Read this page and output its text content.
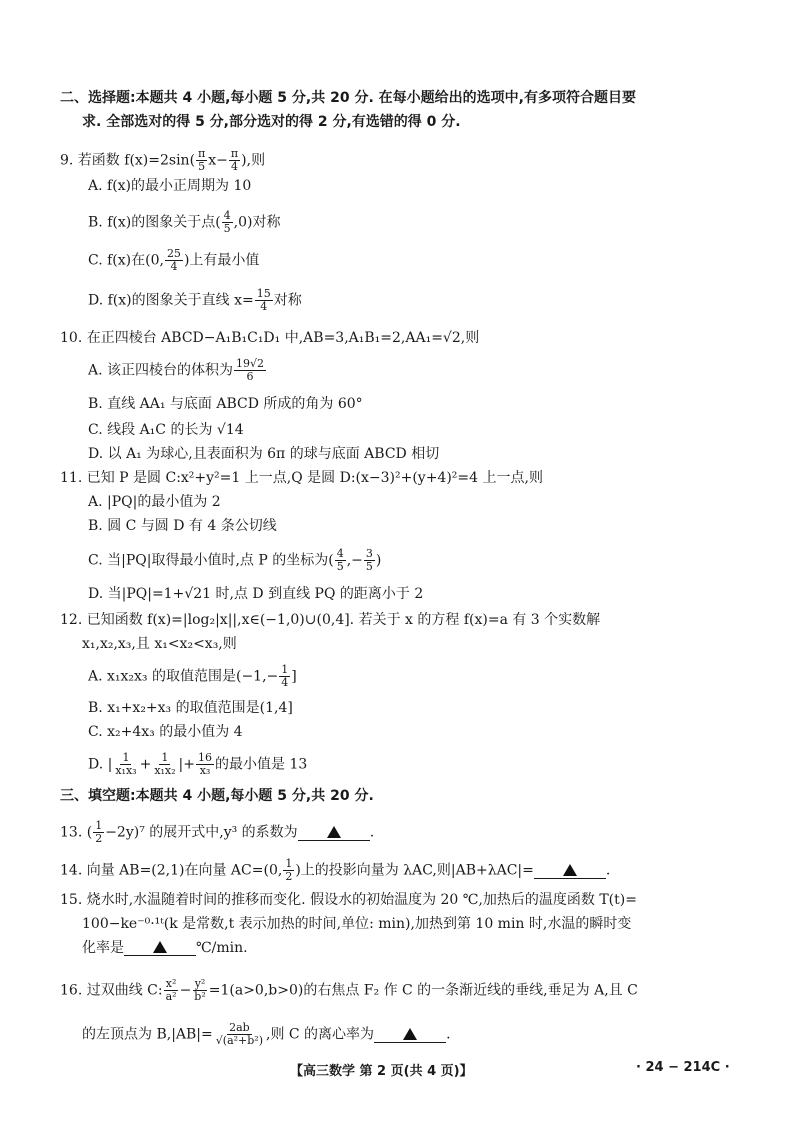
二、选择题:本题共 4 小题,每小题 5 分,共 20 分. 在每小题给出的选项中,有多项符合题目要
求. 全部选对的得 5 分,部分选对的得 2 分,有选错的得 0 分.
9. 若函数 $f(x)=2\sin( \frac{\pi}{5} x- \frac{\pi}{4}$ ),则
A. f(x)的最小正周期为 10
B. f(x)的图象关于点( $\frac{4}{5} ,0$)对称
C. f(x)在(0, $\frac{25}{4}$ )上有最小值
D. f(x)的图象关于直线 $x= \frac{15}{4}$ 对称
10. 在正四棱台 ABCD−A₁B₁C₁D₁ 中,AB=3,A₁B₁=2,AA₁=√2,则
A. 该正四棱台的体积为 $\frac{19√2}{6}$
B. 直线 AA₁ 与底面 ABCD 所成的角为 60°
C. 线段 A₁C 的长为 √14
D. 以 A₁ 为球心,且表面积为 6π 的球与底面 ABCD 相切
11. 已知 P 是圆 C:x²+y²=1 上一点,Q 是圆 D:(x−3)²+(y+4)²=4 上一点,则
A. |PQ|的最小值为 2
B. 圆 C 与圆 D 有 4 条公切线
C. 当|PQ|取得最小值时,点 P 的坐标为( $\frac{4}{5}$ ,− $\frac{3}{5}$ )
D. 当|PQ|=1+√21 时,点 D 到直线 PQ 的距离小于 2
12. 已知函数 f(x)=|log₂|x||,x∈(−1,0)∪(0,4]. 若关于 x 的方程 f(x)=a 有 3 个实数解
x₁,x₂,x₃,且 x₁<x₂<x₃,则
A. x₁x₂x₃ 的取值范围是($-1,- \frac{1}{4}$ ]
B. x₁+x₂+x₃ 的取值范围是(1,4]
C. x₂+4x₃ 的最小值为 4
D. | $\frac{1}{\text{x₁x₃}} + \frac{1}{\text{x₁x₂}}$ |+ $\frac{16}{\text{x₃}}$ 的最小值是 13
三、填空题:本题共 4 小题,每小题 5 分,共 20 分.
13. ( $\frac{1}{2} -2y)^7$ 的展开式中,y³ 的系数为	.
14. 向量 AB=(2,1)在向量 AC=(0, $\frac{1}{2}$ )上的投影向量为 λAC,则|AB+λAC|=	.
15. 烧水时,水温随着时间的推移而变化. 假设水的初始温度为 20 ℃,加热后的温度函数 T(t)=
100−ke⁻⁰·¹ᵗ(k 是常数,t 表示加热的时间,单位: min),加热到第 10 min 时,水温的瞬时变
化率是	℃/min.
16. 过双曲线 C: $\frac{\text{x²}}{\text{a²}} - \frac{\text{y²}}{\text{b²}} =1(a>0,b>0)$的右焦点 F₂ 作 C 的一条渐近线的垂线,垂足为 A,且 C
的左顶点为 $B,|AB|= \frac{2ab}{\text{√(a²+b²)}}$ ,则 C 的离心率为	.
【高三数学 第 2 页(共 4 页)】	· 24 − 214C ·
